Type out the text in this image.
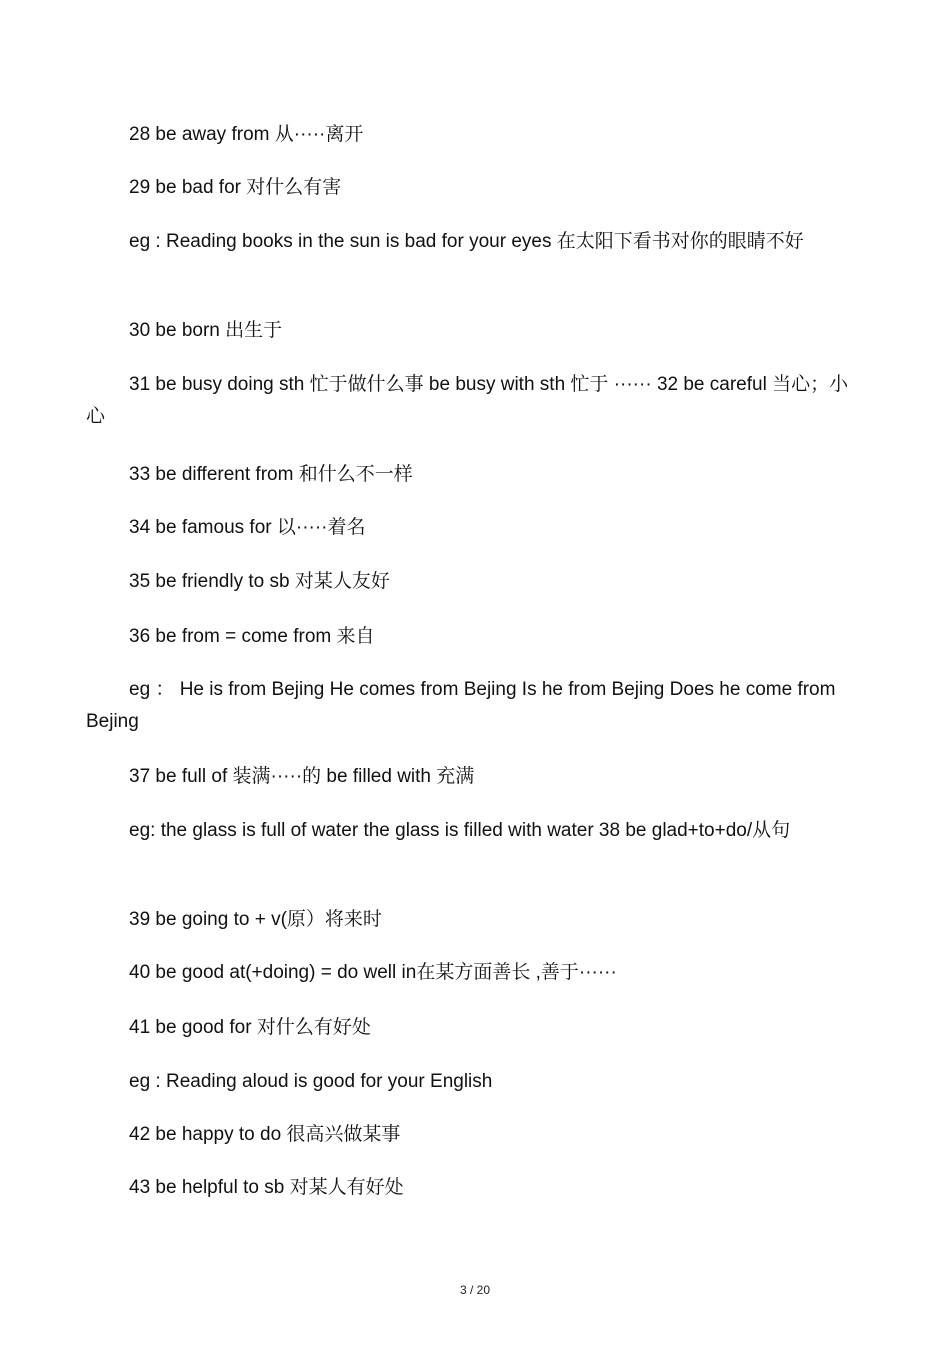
28 be away from 从·····离开
29 be bad for 对什么有害
eg : Reading books in the sun is bad for your eyes 在太阳下看书对你的眼睛不好
30 be born 出生于
31 be busy doing sth 忙于做什么事 be busy with sth 忙于 ······ 32 be careful 当心；小心
33 be different from 和什么不一样
34 be famous for 以·····着名
35 be friendly to sb 对某人友好
36 be from = come from 来自
eg ： He is from Bejing He comes from Bejing Is he from Bejing Does he come from Bejing
37 be full of 装满·····的 be filled with 充满
eg: the glass is full of water the glass is filled with water 38 be glad+to+do/从句
39 be going to + v(原）将来时
40 be good at(+doing) = do well in在某方面善长 ,善于······
41 be good for 对什么有好处
eg : Reading aloud is good for your English
42 be happy to do 很高兴做某事
43 be helpful to sb 对某人有好处
3 / 20
